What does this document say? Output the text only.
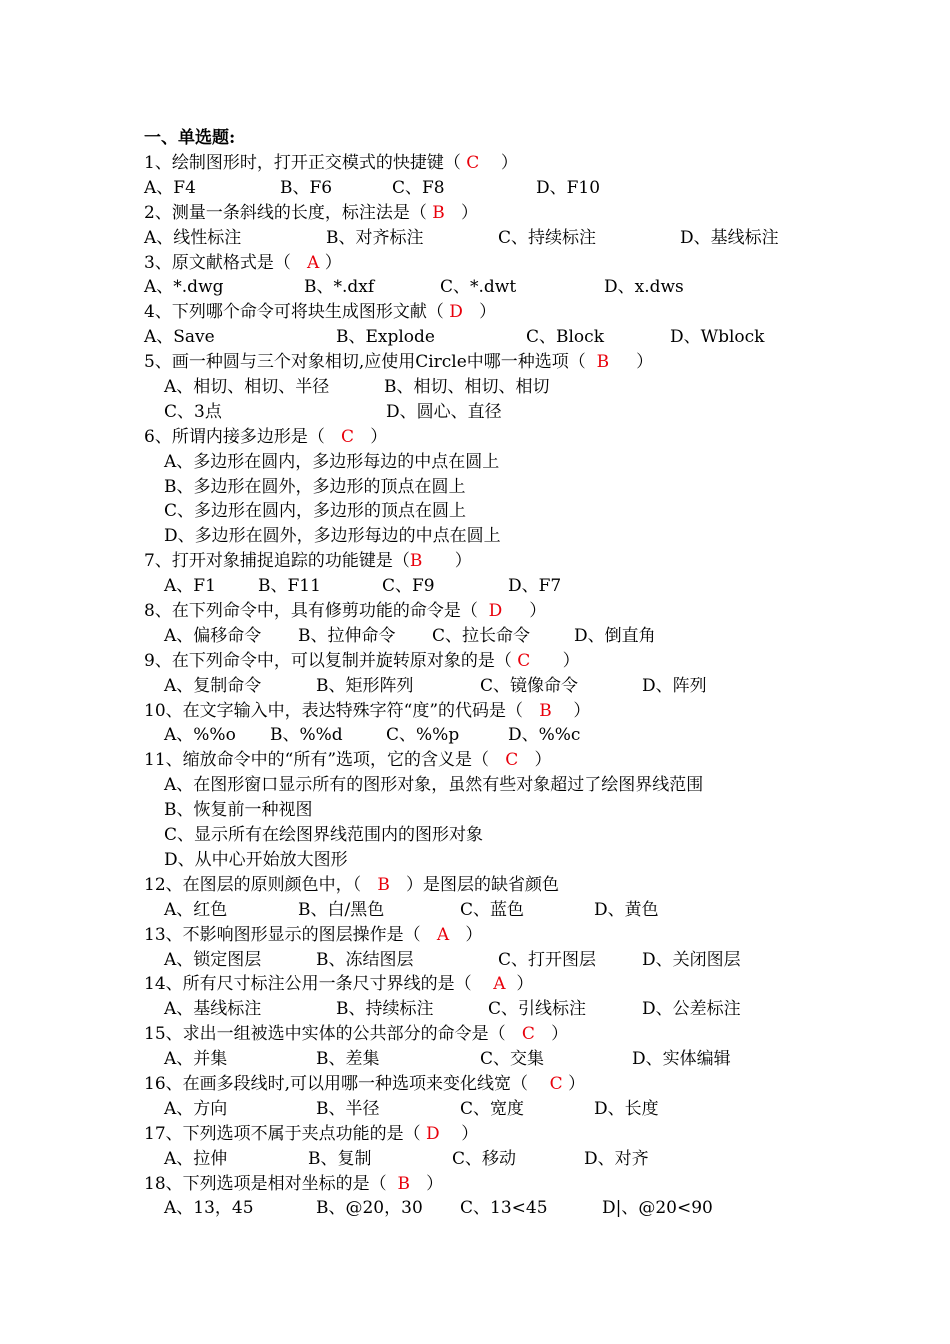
一、单选题:
1、绘制图形时，打开正交模式的快捷键（ C    ）
A、F4	B、F6	C、F8	D、F10
2、测量一条斜线的长度，标注法是（ B   ）
A、线性标注	B、对齐标注	C、持续标注	D、基线标注
3、原文献格式是（   A ）
A、*.dwg	B、*.dxf	C、*.dwt	D、x.dws
4、下列哪个命令可将块生成图形文献（ D   ）
A、Save	B、Explode	C、Block	D、Wblock
5、画一种圆与三个对象相切,应使用Circle中哪一种选项（  B     ）
A、相切、相切、半径	B、相切、相切、相切
C、3点	D、圆心、直径
6、所谓内接多边形是（   C   ）
A、多边形在圆内，多边形每边的中点在圆上
B、多边形在圆外，多边形的顶点在圆上
C、多边形在圆内，多边形的顶点在圆上
D、多边形在圆外，多边形每边的中点在圆上
7、打开对象捕捉追踪的功能键是（B      ）
A、F1 B、F11	C、F9	D、F7
8、在下列命令中，具有修剪功能的命令是（  D     ）
A、偏移命令 B、拉伸命令 C、拉长命令	D、倒直角
9、在下列命令中，可以复制并旋转原对象的是（ C      ）
A、复制命令	B、矩形阵列	C、镜像命令	D、阵列
10、在文字输入中，表达特殊字符“度”的代码是（   B    ）
A、%%o B、%%d	C、%%p	D、%%c
11、缩放命令中的“所有”选项，它的含义是（   C   ）
A、在图形窗口显示所有的图形对象，虽然有些对象超过了绘图界线范围
B、恢复前一种视图
C、显示所有在绘图界线范围内的图形对象
D、从中心开始放大图形
12、在图层的原则颜色中，（   B   ）是图层的缺省颜色
A、红色	B、白/黑色	C、蓝色	D、黄色
13、不影响图形显示的图层操作是（   A   ）
A、锁定图层	B、冻结图层	C、打开图层	D、关闭图层
14、所有尺寸标注公用一条尺寸界线的是（    A  ）
A、基线标注	B、持续标注	C、引线标注	D、公差标注
15、求出一组被选中实体的公共部分的命令是（   C   ）
A、并集	B、差集	C、交集	D、实体编辑
16、在画多段线时,可以用哪一种选项来变化线宽（    C ）
A、方向	B、半径	C、宽度	D、长度
17、下列选项不属于夹点功能的是（ D    ）
A、拉伸	B、复制	C、移动	D、对齐
18、下列选项是相对坐标的是（  B   ）
A、13，45	B、@20，30 C、13<45	D|、@20<90
